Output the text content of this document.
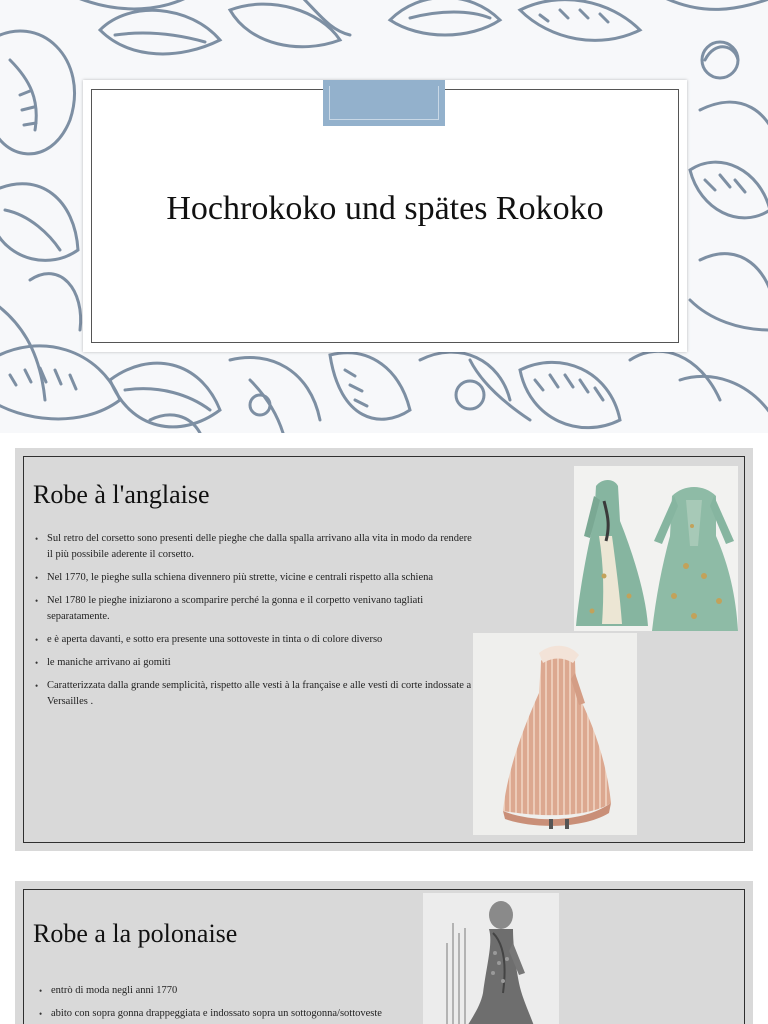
Hochrokoko und spätes Rokoko
Robe à l'anglaise
• Sul retro del corsetto sono presenti delle pieghe che dalla spalla arrivano alla vita in modo da rendere il più possibile aderente il corsetto.
• Nel 1770, le pieghe sulla schiena divennero più strette, vicine e centrali rispetto alla schiena
• Nel 1780 le pieghe iniziarono a scomparire perché la gonna e il corpetto venivano tagliati separatamente.
• e è aperta davanti, e sotto era presente una sottoveste in tinta o di colore diverso
• le maniche arrivano ai gomiti
• Caratterizzata dalla grande semplicità, rispetto alle vesti à la française e alle vesti di corte indossate a Versailles .
Robe a la polonaise
• entrò di moda negli anni 1770
• abito con sopra gonna drappeggiata e indossato sopra un sottogonna/sottoveste
